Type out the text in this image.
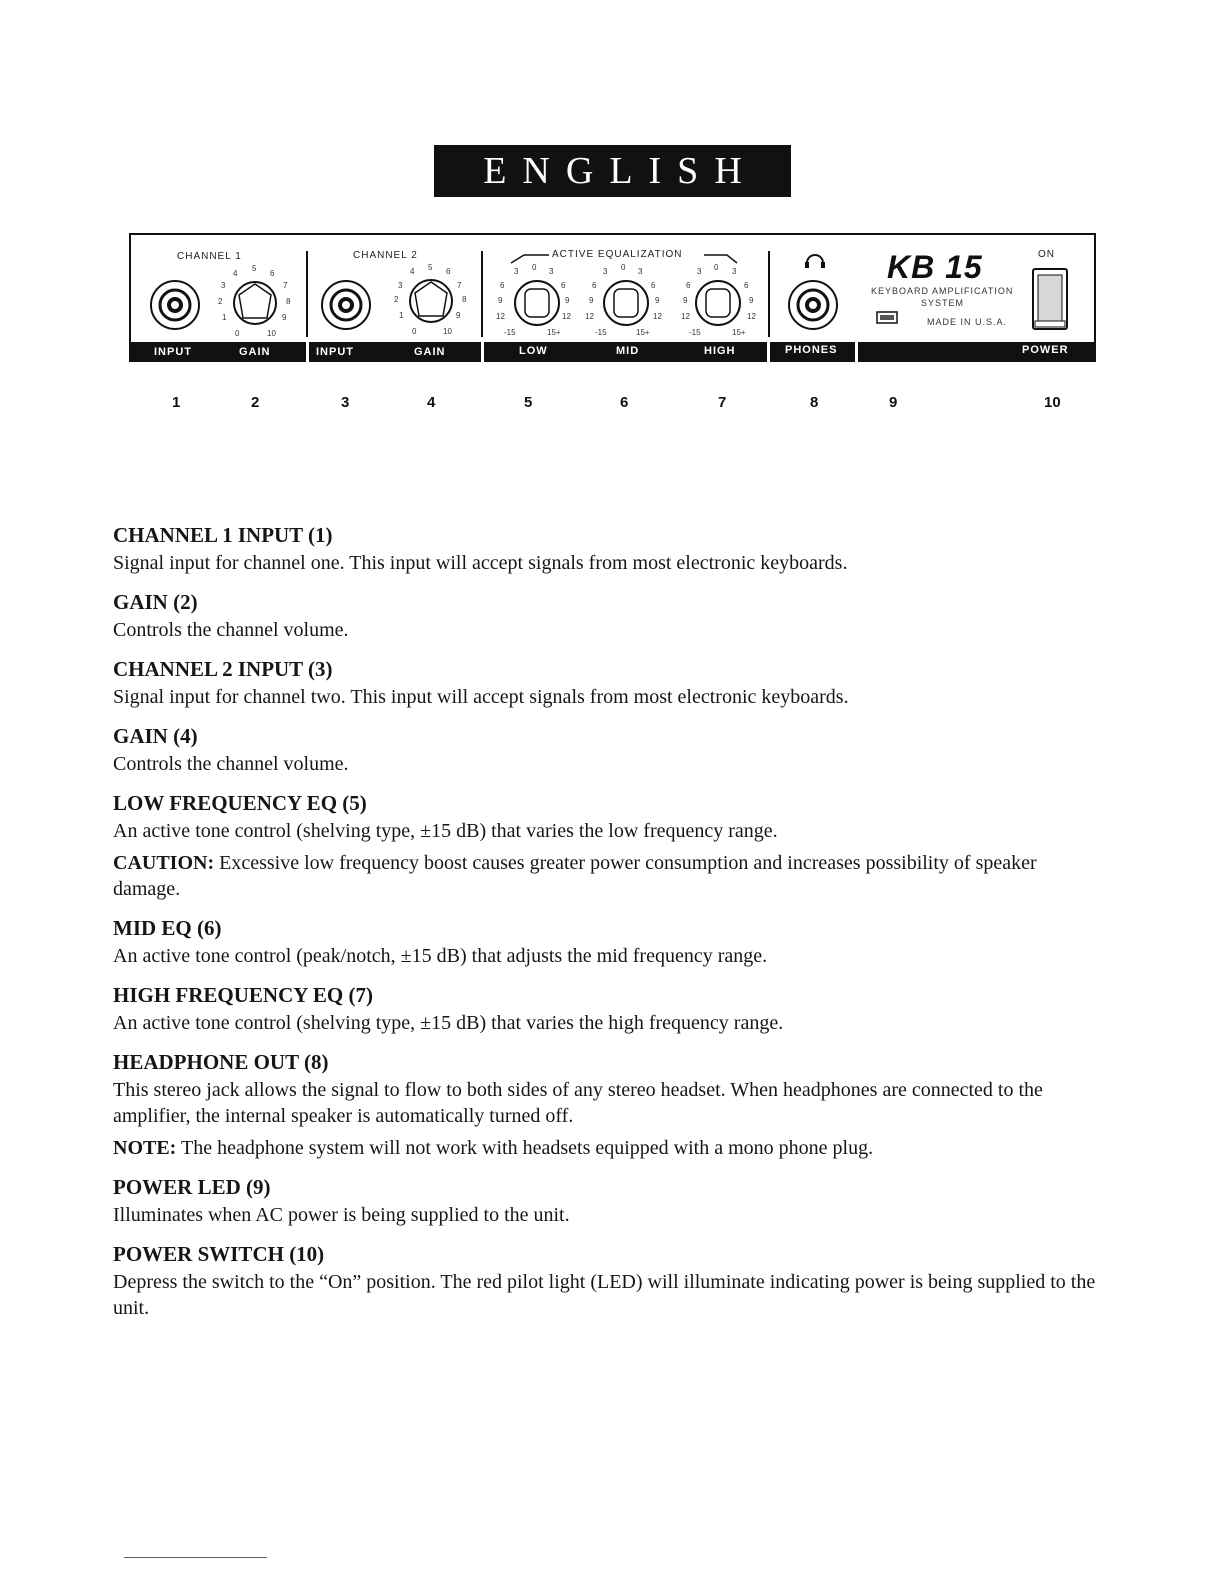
ENGLISH
CHANNEL 1	CHANNEL 2	ACTIVE EQUALIZATION	ON
4
5
6
3	7
2	8
1	9
0	10
4 5 6
3	7
2	8
1	9
0	10
3 0 3
6	6
9	9
12	12
-15	15+
3 0 3
6	6
9	9
12	12
-15	15+
3 0 3
6	6
9	9
12	12
-15	15+
KB 15
KEYBOARD AMPLIFICATION
SYSTEM
MADE IN U.S.A.
INPUT	GAIN	INPUT	GAIN	LOW	MID	HIGH	PHONES	POWER
1	2	3	4	5	6	7	8	9	10
CHANNEL 1 INPUT (1)

Signal input for channel one. This input will accept signals from most electronic keyboards.

GAIN (2)

Controls the channel volume.

CHANNEL 2 INPUT (3)

Signal input for channel two. This input will accept signals from most electronic keyboards.

GAIN (4)

Controls the channel volume.

LOW FREQUENCY EQ (5)

An active tone control (shelving type, ±15 dB) that varies the low frequency range.

CAUTION: Excessive low frequency boost causes greater power consumption and increases possibility of speaker damage.

MID EQ (6)

An active tone control (peak/notch, ±15 dB) that adjusts the mid frequency range.

HIGH FREQUENCY EQ (7)

An active tone control (shelving type, ±15 dB) that varies the high frequency range.

HEADPHONE OUT (8)

This stereo jack allows the signal to flow to both sides of any stereo headset. When headphones are connected to the amplifier, the internal speaker is automatically turned off.

NOTE: The headphone system will not work with headsets equipped with a mono phone plug.

POWER LED (9)

Illuminates when AC power is being supplied to the unit.

POWER SWITCH (10)

Depress the switch to the “On” position. The red pilot light (LED) will illuminate indicating power is being supplied to the unit.
